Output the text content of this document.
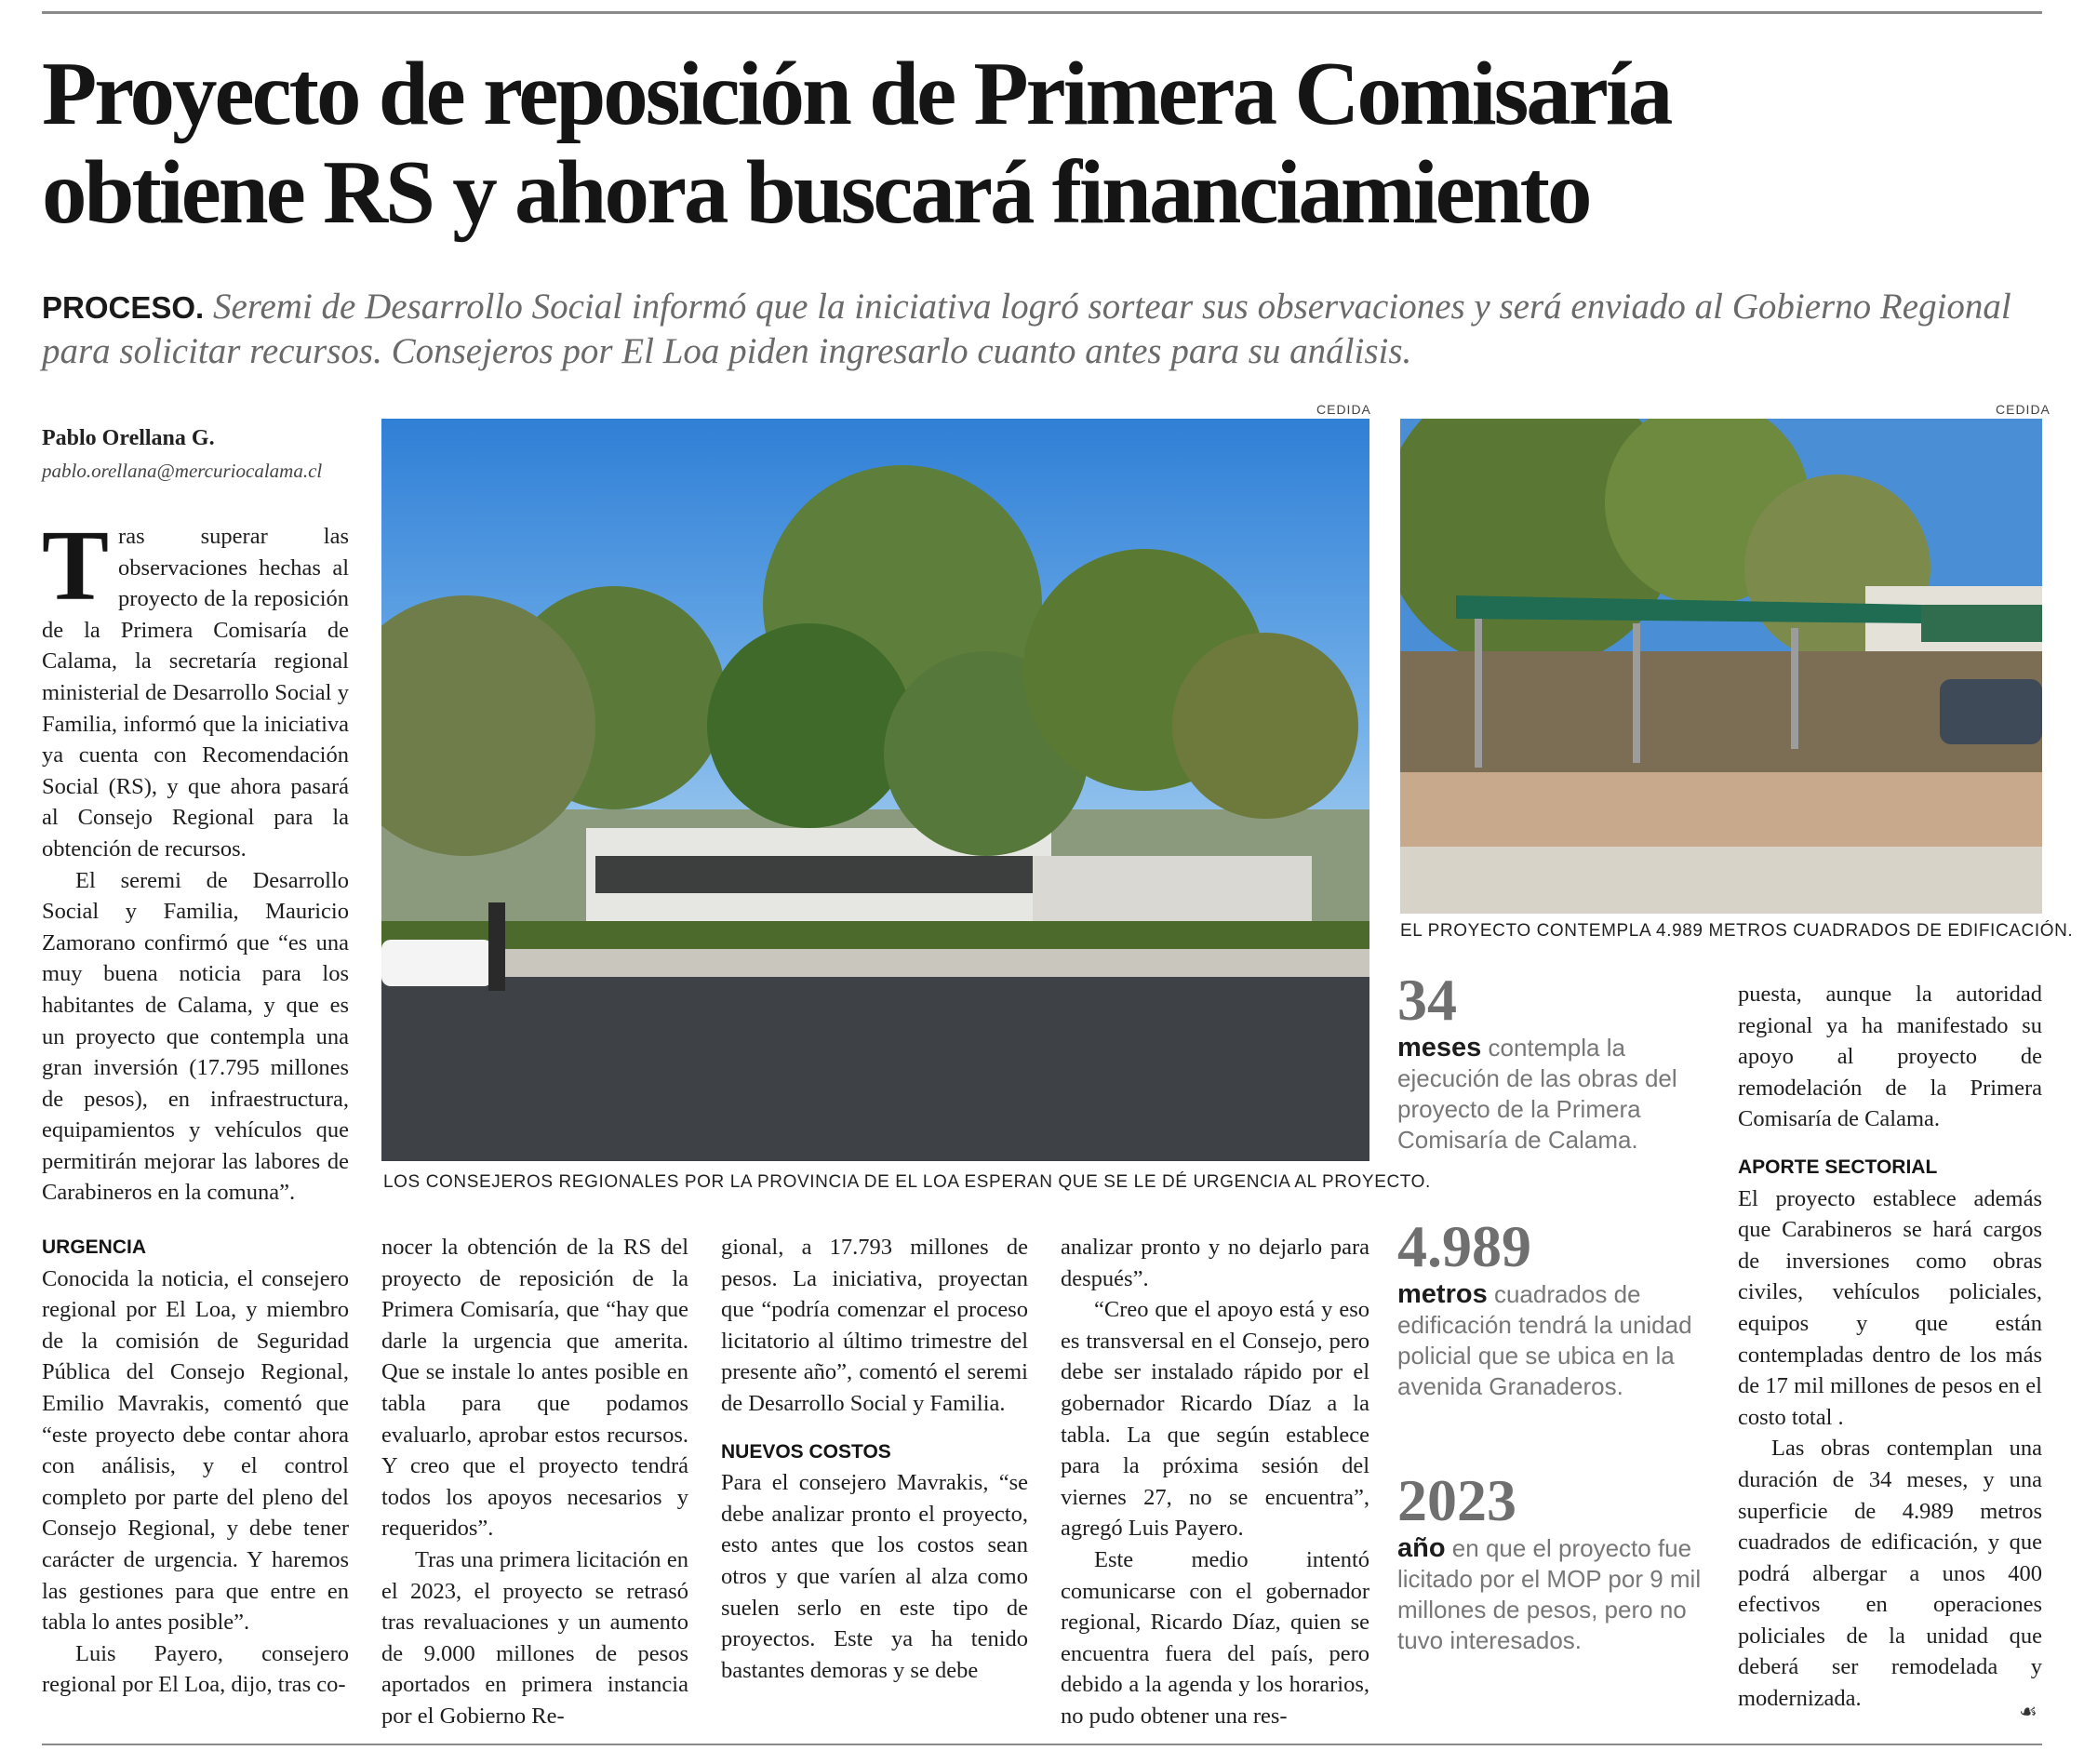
Proyecto de reposición de Primera Comisaría
obtiene RS y ahora buscará financiamiento

PROCESO. Seremi de Desarrollo Social informó que la iniciativa logró sortear sus observaciones y será enviado al Gobierno Regional para solicitar recursos. Consejeros por El Loa piden ingresarlo cuanto antes para su análisis.

Pablo Orellana G.
pablo.orellana@mercuriocalama.cl
CEDIDA
LOS CONSEJEROS REGIONALES POR LA PROVINCIA DE EL LOA ESPERAN QUE SE LE DÉ URGENCIA AL PROYECTO.
CEDIDA
EL PROYECTO CONTEMPLA 4.989 METROS CUADRADOS DE EDIFICACIÓN.

Tras superar las observaciones hechas al proyecto de la reposición de la Primera Comisaría de Calama, la secretaría regional ministerial de Desarrollo Social y Familia, informó que la iniciativa ya cuenta con Recomendación Social (RS), y que ahora pasará al Consejo Regional para la obtención de recursos.

El seremi de Desarrollo Social y Familia, Mauricio Zamorano confirmó que “es una muy buena noticia para los habitantes de Calama, y que es un proyecto que contempla una gran inversión (17.795 millones de pesos), en infraestructura, equipamientos y vehículos que permitirán mejorar las labores de Carabineros en la comuna”.

URGENCIA

Conocida la noticia, el consejero regional por El Loa, y miembro de la comisión de Seguridad Pública del Consejo Regional, Emilio Mavrakis, comentó que “este proyecto debe contar ahora con análisis, y el control completo por parte del pleno del Consejo Regional, y debe tener carácter de urgencia. Y haremos las gestiones para que entre en tabla lo antes posible”.

Luis Payero, consejero regional por El Loa, dijo, tras co-

nocer la obtención de la RS del proyecto de reposición de la Primera Comisaría, que “hay que darle la urgencia que amerita. Que se instale lo antes posible en tabla para que podamos evaluarlo, aprobar estos recursos. Y creo que el proyecto tendrá todos los apoyos necesarios y requeridos”.

Tras una primera licitación en el 2023, el proyecto se retrasó tras revaluaciones y un aumento de 9.000 millones de pesos aportados en primera instancia por el Gobierno Re-

gional, a 17.793 millones de pesos. La iniciativa, proyectan que “podría comenzar el proceso licitatorio al último trimestre del presente año”, comentó el seremi de Desarrollo Social y Familia.

NUEVOS COSTOS

Para el consejero Mavrakis, “se debe analizar pronto el proyecto, esto antes que los costos sean otros y que varíen al alza como suelen serlo en este tipo de proyectos. Este ya ha tenido bastantes demoras y se debe

analizar pronto y no dejarlo para después”.

“Creo que el apoyo está y eso es transversal en el Consejo, pero debe ser instalado rápido por el gobernador Ricardo Díaz a la tabla. La que según establece para la próxima sesión del viernes 27, no se encuentra”, agregó Luis Payero.

Este medio intentó comunicarse con el gobernador regional, Ricardo Díaz, quien se encuentra fuera del país, pero debido a la agenda y los horarios, no pudo obtener una res-

34
meses contempla la ejecución de las obras del proyecto de la Primera Comisaría de Calama.
4.989
metros cuadrados de edificación tendrá la unidad policial que se ubica en la avenida Granaderos.
2023
año en que el proyecto fue licitado por el MOP por 9 mil millones de pesos, pero no tuvo interesados.

puesta, aunque la autoridad regional ya ha manifestado su apoyo al proyecto de remodelación de la Primera Comisaría de Calama.

APORTE SECTORIAL

El proyecto establece además que Carabineros se hará cargos de inversiones como obras civiles, vehículos policiales, equipos y que están contempladas dentro de los más de 17 mil millones de pesos en el costo total .

Las obras contemplan una duración de 34 meses, y una superficie de 4.989 metros cuadrados de edificación, y que podrá albergar a unos 400 efectivos en operaciones policiales de la unidad que deberá ser remodelada y modernizada.

☙
